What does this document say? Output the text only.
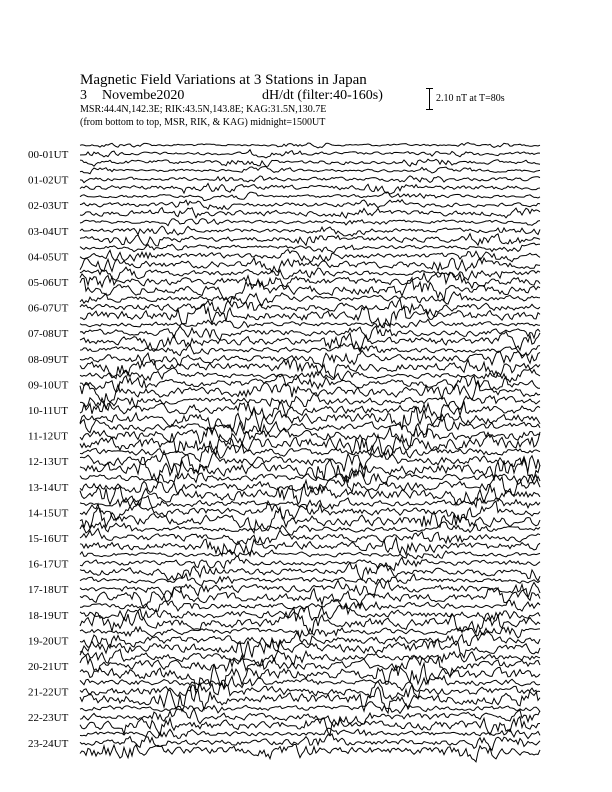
Magnetic Field Variations at 3 Stations in Japan
3 Novembe2020	dH/dt (filter:40-160s)
MSR:44.4N,142.3E; RIK:43.5N,143.8E; KAG:31.5N,130.7E
(from bottom to top, MSR, RIK, & KAG) midnight=1500UT
2.10 nT at T=80s
00-01UT
01-02UT
02-03UT
03-04UT
04-05UT
05-06UT
06-07UT
07-08UT
08-09UT
09-10UT
10-11UT
11-12UT
12-13UT
13-14UT
14-15UT
15-16UT
16-17UT
17-18UT
18-19UT
19-20UT
20-21UT
21-22UT
22-23UT
23-24UT
